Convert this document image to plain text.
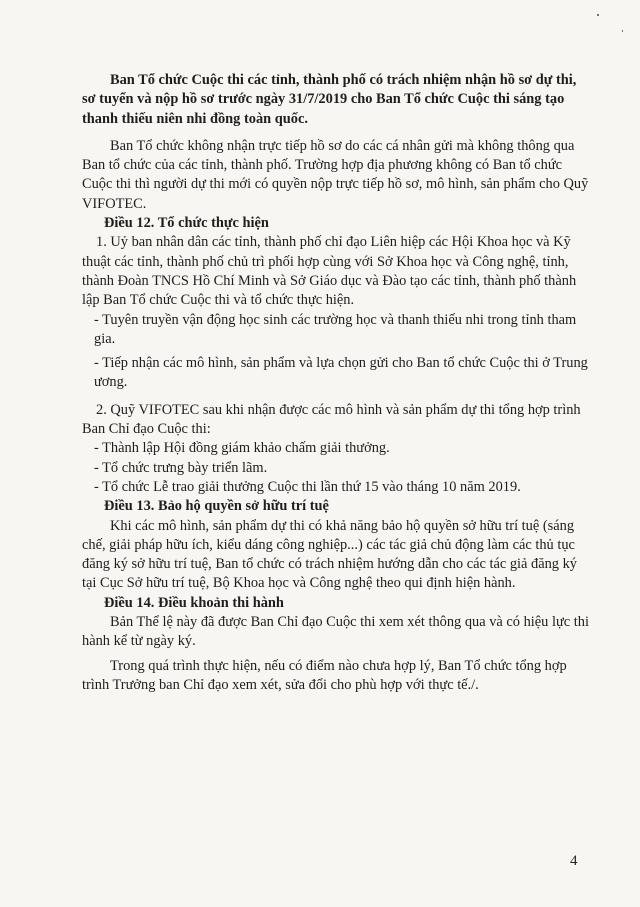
Ban Tổ chức Cuộc thi các tỉnh, thành phố có trách nhiệm nhận hồ sơ dự thi, sơ tuyển và nộp hồ sơ trước ngày 31/7/2019 cho Ban Tổ chức Cuộc thi sáng tạo thanh thiếu niên nhi đồng toàn quốc.

Ban Tổ chức không nhận trực tiếp hồ sơ do các cá nhân gửi mà không thông qua Ban tổ chức của các tỉnh, thành phố. Trường hợp địa phương không có Ban tổ chức Cuộc thi thì người dự thi mới có quyền nộp trực tiếp hồ sơ, mô hình, sản phẩm cho Quỹ VIFOTEC.

Điều 12. Tổ chức thực hiện

1. Uỷ ban nhân dân các tỉnh, thành phố chỉ đạo Liên hiệp các Hội Khoa học và Kỹ thuật các tỉnh, thành phố chủ trì phối hợp cùng với Sở Khoa học và Công nghệ, tỉnh, thành Đoàn TNCS Hồ Chí Minh và Sở Giáo dục và Đào tạo các tỉnh, thành phố thành lập Ban Tổ chức Cuộc thi và tổ chức thực hiện.

- Tuyên truyền vận động học sinh các trường học và thanh thiếu nhi trong tỉnh tham gia.

- Tiếp nhận các mô hình, sản phẩm và lựa chọn gửi cho Ban tổ chức Cuộc thi ở Trung ương.

2. Quỹ VIFOTEC sau khi nhận được các mô hình và sản phẩm dự thi tổng hợp trình Ban Chỉ đạo Cuộc thi:

- Thành lập Hội đồng giám khảo chấm giải thưởng.

- Tổ chức trưng bày triển lãm.

- Tổ chức Lễ trao giải thưởng Cuộc thi lần thứ 15 vào tháng 10 năm 2019.

Điều 13. Bảo hộ quyền sở hữu trí tuệ

Khi các mô hình, sản phẩm dự thi có khả năng bảo hộ quyền sở hữu trí tuệ (sáng chế, giải pháp hữu ích, kiểu dáng công nghiệp...) các tác giả chủ động làm các thủ tục đăng ký sở hữu trí tuệ, Ban tổ chức có trách nhiệm hướng dẫn cho các tác giả đăng ký tại Cục Sở hữu trí tuệ, Bộ Khoa học và Công nghệ theo qui định hiện hành.

Điều 14. Điều khoản thi hành

Bản Thể lệ này đã được Ban Chỉ đạo Cuộc thi xem xét thông qua và có hiệu lực thi hành kể từ ngày ký.

Trong quá trình thực hiện, nếu có điểm nào chưa hợp lý, Ban Tổ chức tổng hợp trình Trưởng ban Chỉ đạo xem xét, sửa đổi cho phù hợp với thực tế./.

4
